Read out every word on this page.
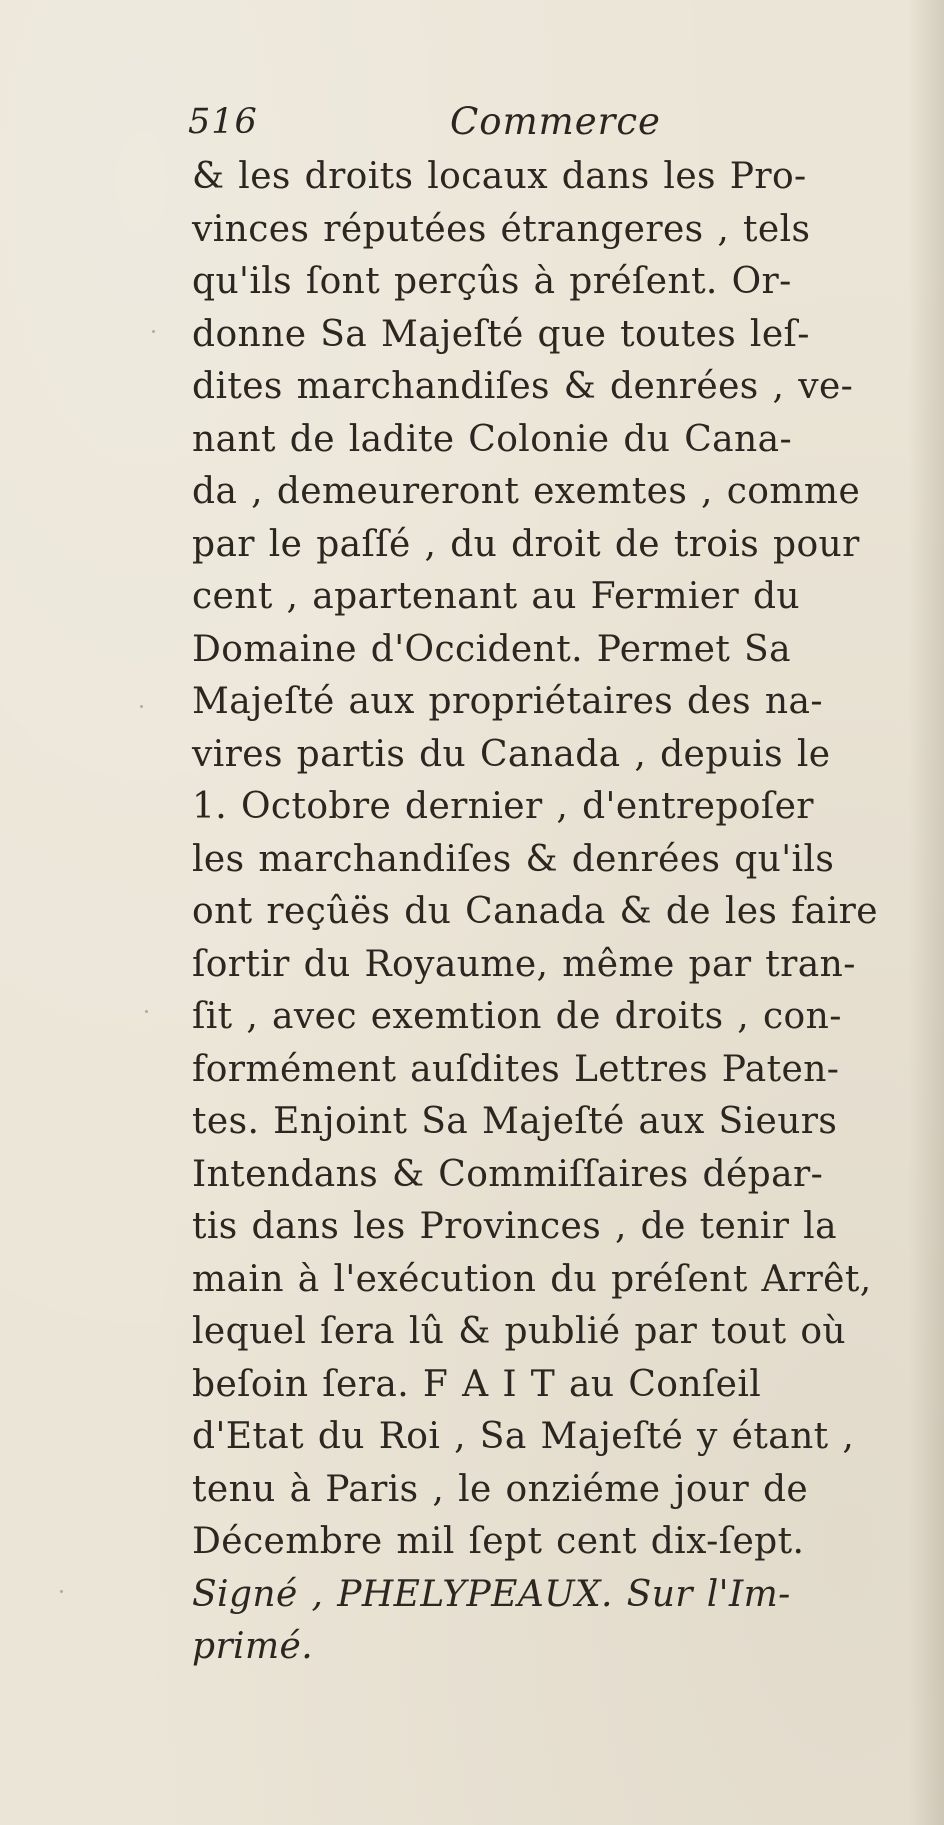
516	Commerce
& les droits locaux dans les Pro-
vinces réputées étrangeres , tels
qu'ils ſont perçûs à préſent. Or-
donne Sa Majeſté que toutes leſ-
dites marchandiſes & denrées , ve-
nant de ladite Colonie du Cana-
da , demeureront exemtes , comme
par le paſſé , du droit de trois pour
cent , apartenant au Fermier du
Domaine d'Occident. Permet Sa
Majeſté aux propriétaires des na-
vires partis du Canada , depuis le
1. Octobre dernier , d'entrepoſer
les marchandiſes & denrées qu'ils
ont reçûës du Canada & de les faire
ſortir du Royaume, même par tran-
ſit , avec exemtion de droits , con-
formément auſdites Lettres Paten-
tes. Enjoint Sa Majeſté aux Sieurs
Intendans & Commiſſaires dépar-
tis dans les Provinces , de tenir la
main à l'exécution du préſent Arrêt,
lequel ſera lû & publié par tout où
beſoin ſera. F A I T au Conſeil
d'Etat du Roi , Sa Majeſté y étant ,
tenu à Paris , le onziéme jour de
Décembre mil ſept cent dix-ſept.
Signé , PHELYPEAUX. Sur l'Im-
primé.
